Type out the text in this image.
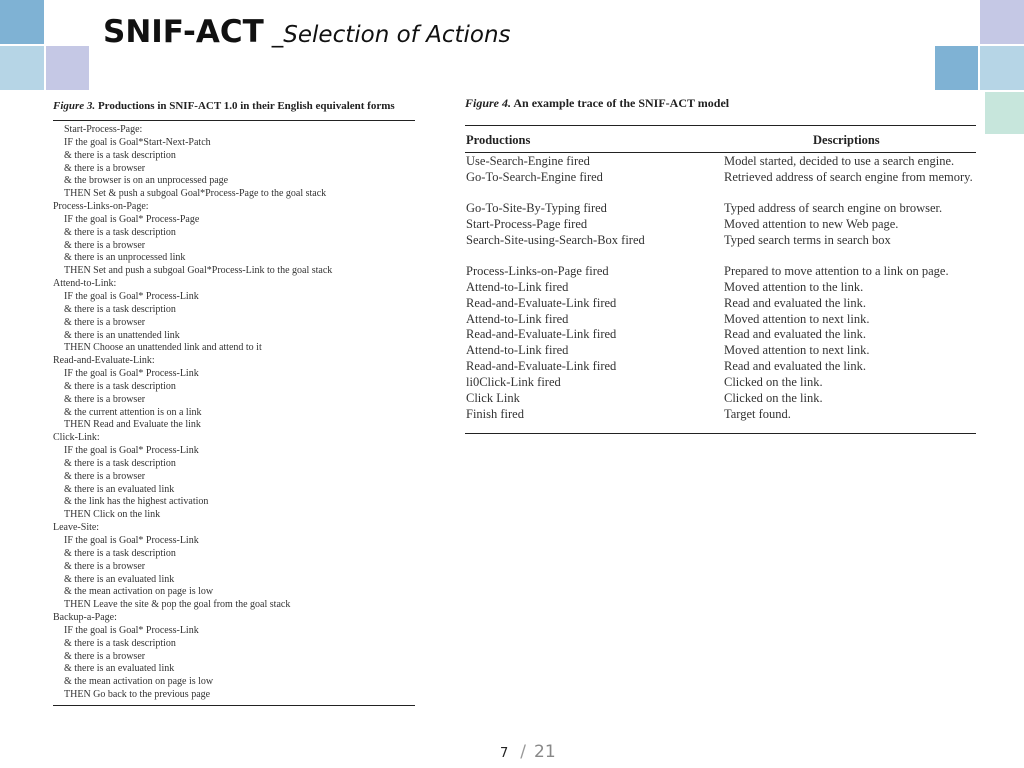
SNIF-ACT _Selection of Actions
Figure 3. Productions in SNIF-ACT 1.0 in their English equivalent forms
Start-Process-Page:
IF the goal is Goal*Start-Next-Patch
& there is a task description
& there is a browser
& the browser is on an unprocessed page
THEN Set & push a subgoal Goal*Process-Page to the goal stack
Process-Links-on-Page:
IF the goal is Goal* Process-Page
& there is a task description
& there is a browser
& there is an unprocessed link
THEN Set and push a subgoal Goal*Process-Link to the goal stack
Attend-to-Link:
IF the goal is Goal* Process-Link
& there is a task description
& there is a browser
& there is an unattended link
THEN Choose an unattended link and attend to it
Read-and-Evaluate-Link:
IF the goal is Goal* Process-Link
& there is a task description
& there is a browser
& the current attention is on a link
THEN Read and Evaluate the link
Click-Link:
IF the goal is Goal* Process-Link
& there is a task description
& there is a browser
& there is an evaluated link
& the link has the highest activation
THEN Click on the link
Leave-Site:
IF the goal is Goal* Process-Link
& there is a task description
& there is a browser
& there is an evaluated link
& the mean activation on page is low
THEN Leave the site & pop the goal from the goal stack
Backup-a-Page:
IF the goal is Goal* Process-Link
& there is a task description
& there is a browser
& there is an evaluated link
& the mean activation on page is low
THEN Go back to the previous page
Figure 4. An example trace of the SNIF-ACT model
Productions	Descriptions
Use-Search-Engine fired	Model started, decided to use a search engine.
Go-To-Search-Engine fired	Retrieved address of search engine from memory.
Go-To-Site-By-Typing fired	Typed address of search engine on browser.
Start-Process-Page fired	Moved attention to new Web page.
Search-Site-using-Search-Box fired	Typed search terms in search box
Process-Links-on-Page fired	Prepared to move attention to a link on page.
Attend-to-Link fired	Moved attention to the link.
Read-and-Evaluate-Link fired	Read and evaluated the link.
Attend-to-Link fired	Moved attention to next link.
Read-and-Evaluate-Link fired	Read and evaluated the link.
Attend-to-Link fired	Moved attention to next link.
Read-and-Evaluate-Link fired	Read and evaluated the link.
li0Click-Link fired	Clicked on the link.
Click Link	Clicked on the link.
Finish fired	Target found.
7 / 21
